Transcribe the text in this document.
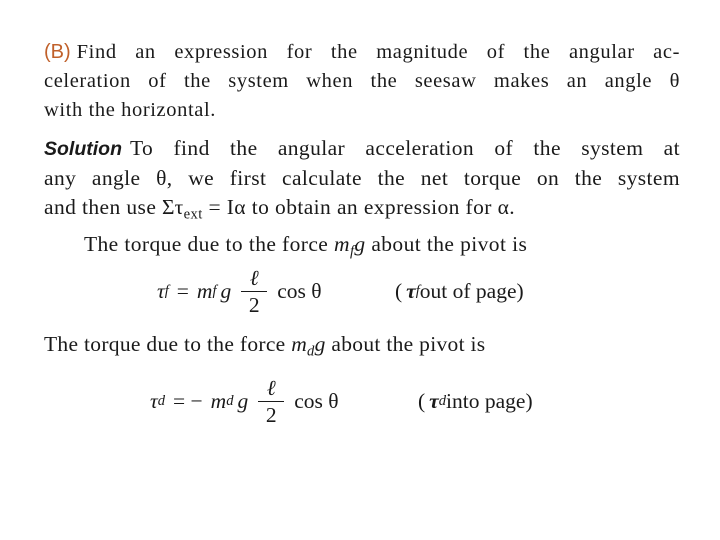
(B) Find an expression for the magnitude of the angular ac-
celeration of the system when the seesaw makes an angle θ
with the horizontal.
Solution To find the angular acceleration of the system at
any angle θ, we first calculate the net torque on the system
and then use $\Sigma\tau_{ext} = I\alpha$ to obtain an expression for α.
The torque due to the force $m_fg$ about the pivot is
τ f = m f g $\frac{\text{ℓ}}{2}$ cos θ	( τ f out of page)
The torque due to the force $m_dg$ about the pivot is
τ d = − m d g $\frac{\text{ℓ}}{2}$ cos θ	( τ d into page)
